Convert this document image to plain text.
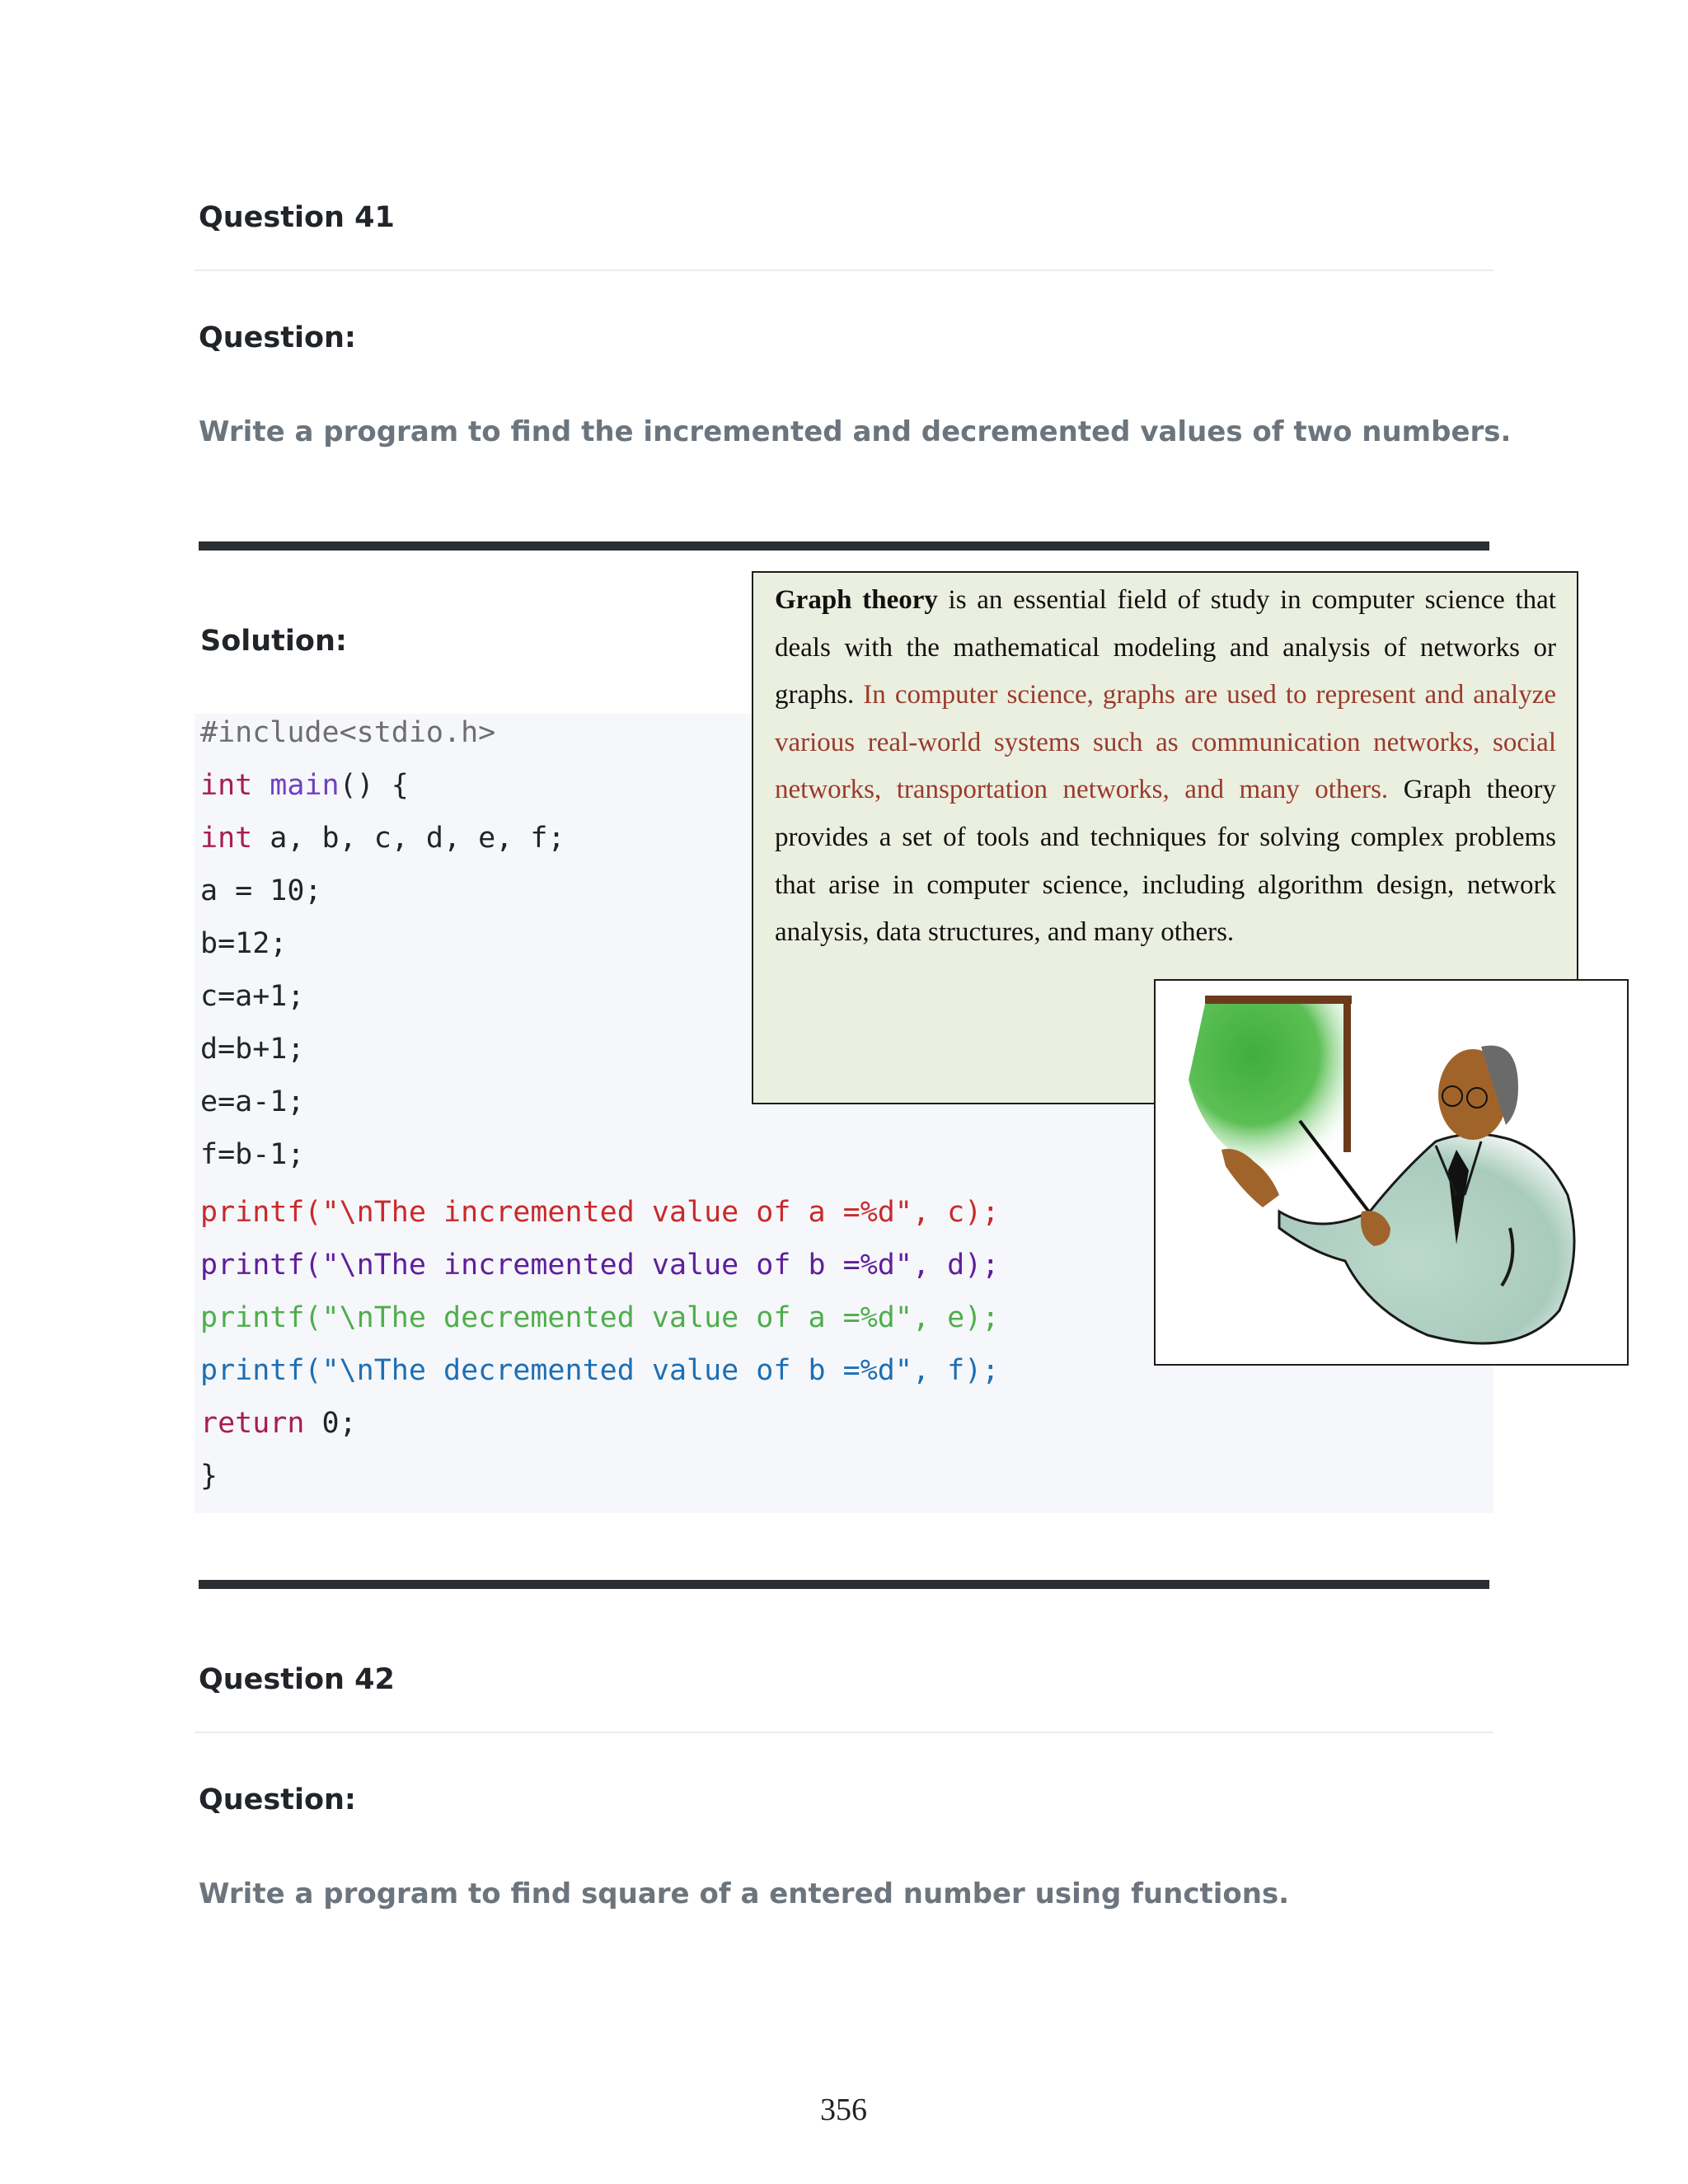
Question 41
Question:
Write a program to find the incremented and decremented values of two numbers.
Solution:
#include<stdio.h>
int main() {
int a, b, c, d, e, f;
a = 10;
b=12;
c=a+1;
d=b+1;
e=a-1;
f=b-1;
printf("\nThe incremented value of a =%d", c);
printf("\nThe incremented value of b =%d", d);
printf("\nThe decremented value of a =%d", e);
printf("\nThe decremented value of b =%d", f);
return 0;
}
Graph theory is an essential field of study in computer science that deals with the mathematical modeling and analysis of networks or graphs. In computer science, graphs are used to represent and analyze various real-world systems such as communication networks, social networks, transportation networks, and many others. Graph theory provides a set of tools and techniques for solving complex problems that arise in computer science, including algorithm design, network analysis, data structures, and many others.
Question 42
Question:
Write a program to find square of a entered number using functions.
356
